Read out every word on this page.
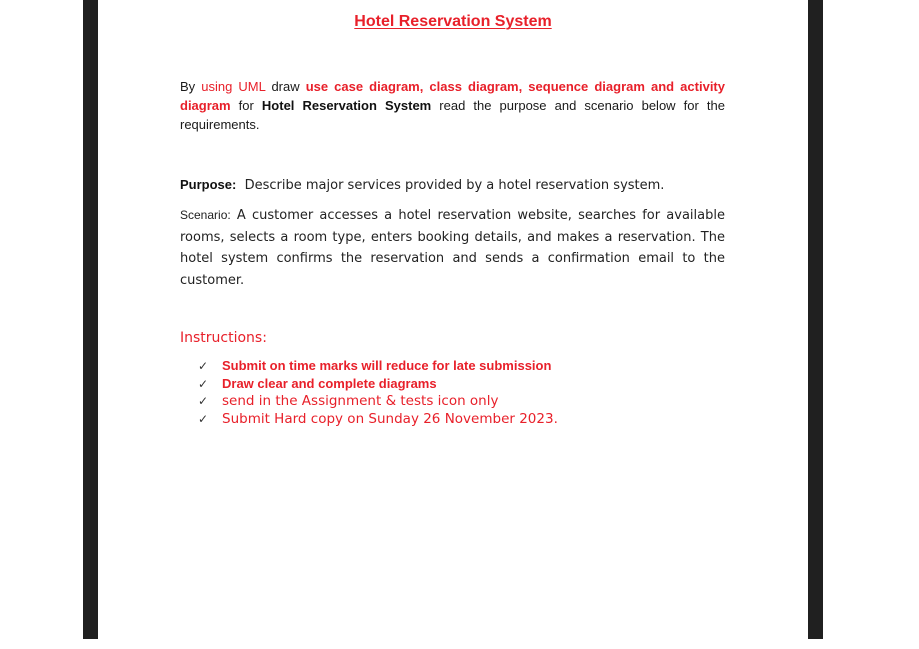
Hotel Reservation System
By using UML draw use case diagram, class diagram, sequence diagram and activity diagram for Hotel Reservation System read the purpose and scenario below for the requirements.
Purpose:  Describe major services provided by a hotel reservation system.
Scenario: A customer accesses a hotel reservation website, searches for available rooms, selects a room type, enters booking details, and makes a reservation. The hotel system confirms the reservation and sends a confirmation email to the customer.
Instructions:
✓	Submit on time marks will reduce for late submission
✓	Draw clear and complete diagrams
✓	send in the Assignment & tests icon only
✓	Submit Hard copy on Sunday 26 November 2023.
